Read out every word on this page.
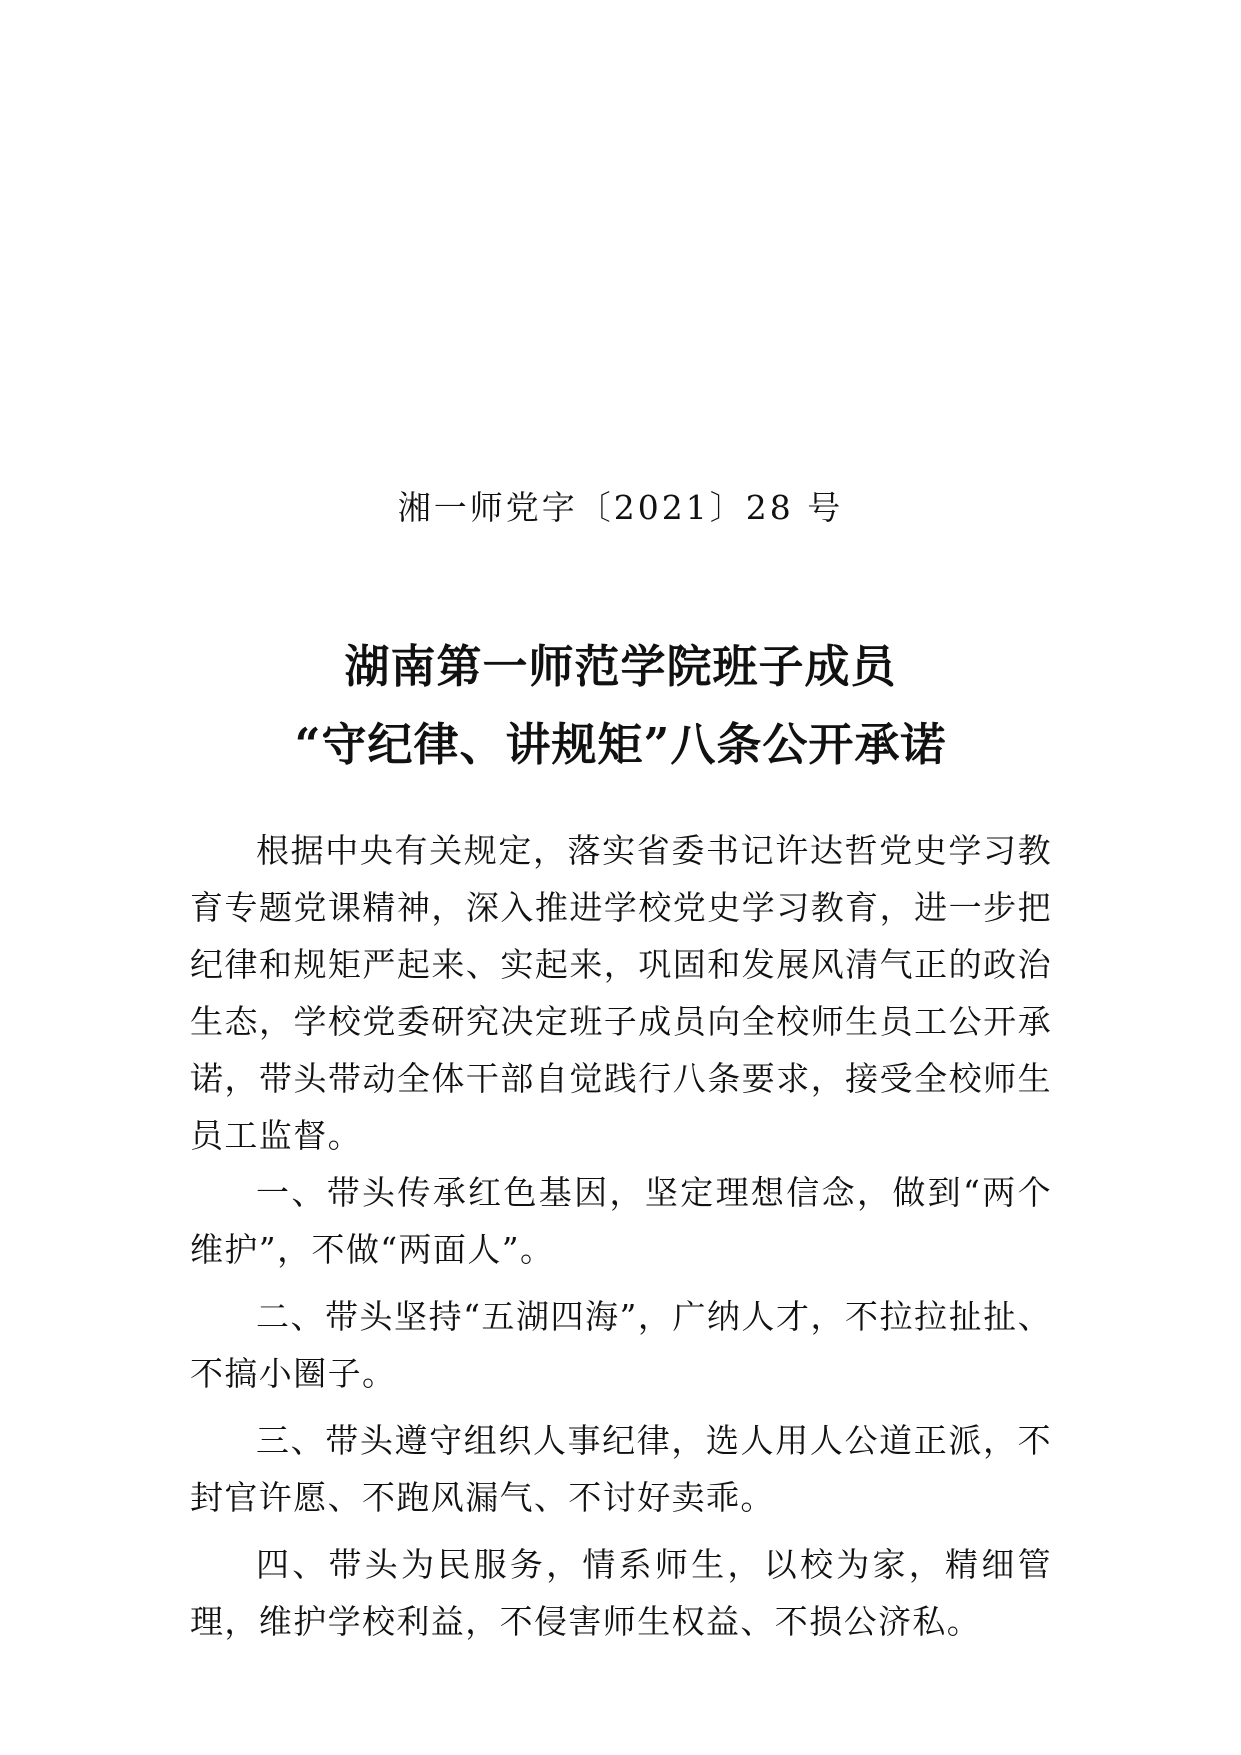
湘一师党字〔2021〕28 号
湖南第一师范学院班子成员
“守纪律、讲规矩”八条公开承诺

根据中央有关规定，落实省委书记许达哲党史学习教育专题党课精神，深入推进学校党史学习教育，进一步把纪律和规矩严起来、实起来，巩固和发展风清气正的政治生态，学校党委研究决定班子成员向全校师生员工公开承诺，带头带动全体干部自觉践行八条要求，接受全校师生员工监督。

一、带头传承红色基因，坚定理想信念，做到“两个维护”，不做“两面人”。

二、带头坚持“五湖四海”，广纳人才，不拉拉扯扯、不搞小圈子。

三、带头遵守组织人事纪律，选人用人公道正派，不封官许愿、不跑风漏气、不讨好卖乖。

四、带头为民服务，情系师生，以校为家，精细管理，维护学校利益，不侵害师生权益、不损公济私。
